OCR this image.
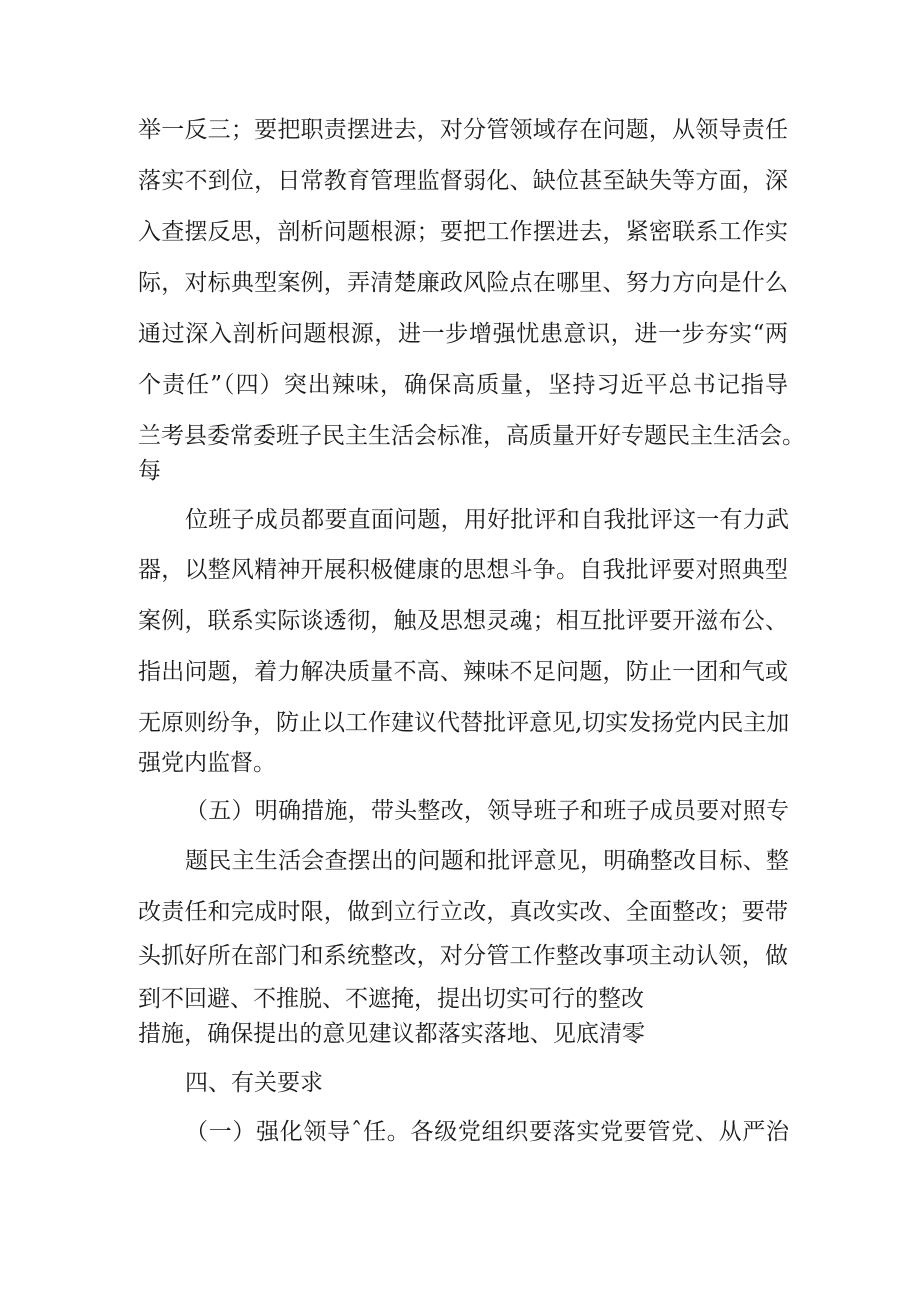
举一反三；要把职责摆进去，对分管领域存在问题，从领导责任
落实不到位，日常教育管理监督弱化、缺位甚至缺失等方面，深
入查摆反思，剖析问题根源；要把工作摆进去，紧密联系工作实
际，对标典型案例，弄清楚廉政风险点在哪里、努力方向是什么
通过深入剖析问题根源，进一步增强忧患意识，进一步夯实“两
个责任”（四）突出辣味，确保高质量，坚持习近平总书记指导
兰考县委常委班子民主生活会标准，高质量开好专题民主生活会。
每
位班子成员都要直面问题，用好批评和自我批评这一有力武
器，以整风精神开展积极健康的思想斗争。自我批评要对照典型
案例，联系实际谈透彻，触及思想灵魂；相互批评要开滋布公、
指出问题，着力解决质量不高、辣味不足问题，防止一团和气或
无原则纷争，防止以工作建议代替批评意见,切实发扬党内民主加
强党内监督。
（五）明确措施，带头整改，领导班子和班子成员要对照专
题民主生活会查摆出的问题和批评意见，明确整改目标、整
改责任和完成时限，做到立行立改，真改实改、全面整改；要带
头抓好所在部门和系统整改，对分管工作整改事项主动认领，做
到不回避、不推脱、不遮掩，提出切实可行的整改
措施，确保提出的意见建议都落实落地、见底清零
四、有关要求
（一）强化领导ˆ任。各级党组织要落实党要管党、从严治
